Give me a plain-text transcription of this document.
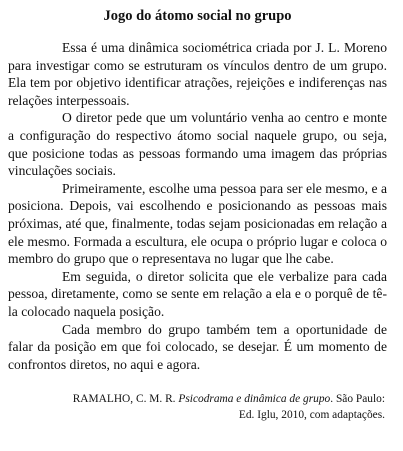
Jogo do átomo social no grupo

Essa é uma dinâmica sociométrica criada por J. L. Moreno para investigar como se estruturam os vínculos dentro de um grupo. Ela tem por objetivo identificar atrações, rejeições e indiferenças nas relações interpessoais.

O diretor pede que um voluntário venha ao centro e monte a configuração do respectivo átomo social naquele grupo, ou seja, que posicione todas as pessoas formando uma imagem das próprias vinculações sociais.

Primeiramente, escolhe uma pessoa para ser ele mesmo, e a posiciona. Depois, vai escolhendo e posicionando as pessoas mais próximas, até que, finalmente, todas sejam posicionadas em relação a ele mesmo. Formada a escultura, ele ocupa o próprio lugar e coloca o membro do grupo que o representava no lugar que lhe cabe.

Em seguida, o diretor solicita que ele verbalize para cada pessoa, diretamente, como se sente em relação a ela e o porquê de tê-la colocado naquela posição.

Cada membro do grupo também tem a oportunidade de falar da posição em que foi colocado, se desejar. É um momento de confrontos diretos, no aqui e agora.

RAMALHO, C. M. R. Psicodrama e dinâmica de grupo. São Paulo:
Ed. Iglu, 2010, com adaptações.
